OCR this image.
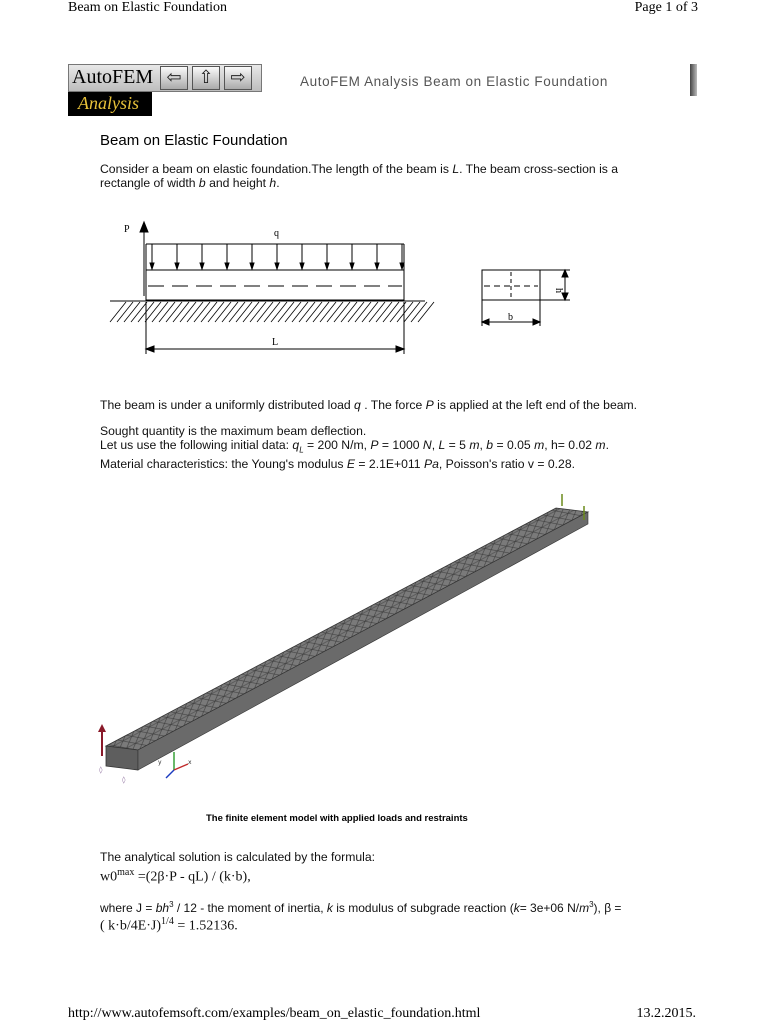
Beam on Elastic Foundation	Page 1 of 3
AutoFEM
Analysis
⇦ ⇧ ⇨	AutoFEM Analysis Beam on Elastic Foundation
Beam on Elastic Foundation
Consider a beam on elastic foundation.The length of the beam is L. The beam cross-section is a
rectangle of width b and height h.
P	q
L
b
h
The beam is under a uniformly distributed load q . The force P is applied at the left end of the beam.
Sought quantity is the maximum beam deflection.
Let us use the following initial data: $q_L = 200$ N/m, P = 1000 N, L = 5 m, b = 0.05 m, h= 0.02 m.
Material characteristics: the Young's modulus E = 2.1E+011 Pa, Poisson's ratio v = 0.28.
◊
◊
x
y
The finite element model with applied loads and restraints
The analytical solution is calculated by the formula:
$w0^{max} =(2\beta\cdot P - qL) / (k\cdot b)$,
where $J = bh^3 / 12$ - the moment of inertia, k is modulus of subgrade reaction (k= 3e+06 $N/m^3$), β =
( k·b/4E·J)$^{1/4}$ = 1.52136.
http://www.autofemsoft.com/examples/beam_on_elastic_foundation.html	13.2.2015.
